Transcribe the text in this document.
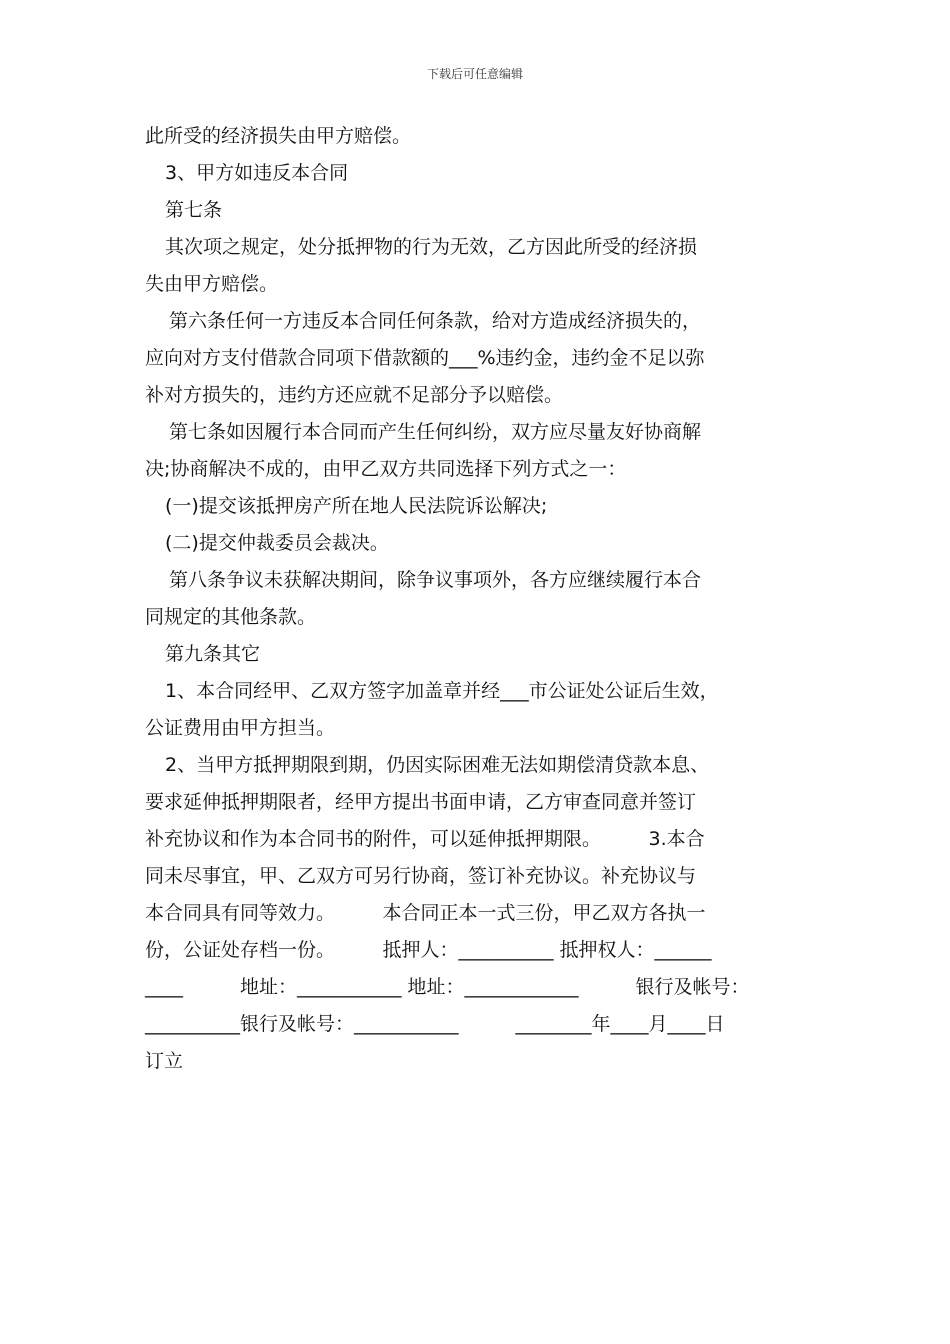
下载后可任意编辑
此所受的经济损失由甲方赔偿。
3、甲方如违反本合同
第七条
其次项之规定，处分抵押物的行为无效，乙方因此所受的经济损
失由甲方赔偿。
第六条任何一方违反本合同任何条款，给对方造成经济损失的，
应向对方支付借款合同项下借款额的___%违约金，违约金不足以弥
补对方损失的，违约方还应就不足部分予以赔偿。
第七条如因履行本合同而产生任何纠纷，双方应尽量友好协商解
决;协商解决不成的，由甲乙双方共同选择下列方式之一：
(一)提交该抵押房产所在地人民法院诉讼解决;
(二)提交仲裁委员会裁决。
第八条争议未获解决期间，除争议事项外，各方应继续履行本合
同规定的其他条款。
第九条其它
1、本合同经甲、乙双方签字加盖章并经___市公证处公证后生效，
公证费用由甲方担当。
2、当甲方抵押期限到期，仍因实际困难无法如期偿清贷款本息、
要求延伸抵押期限者，经甲方提出书面申请，乙方审查同意并签订
补充协议和作为本合同书的附件，可以延伸抵押期限。　　　3.本合
同未尽事宜，甲、乙双方可另行协商，签订补充协议。补充协议与
本合同具有同等效力。　　　本合同正本一式三份，甲乙双方各执一
份，公证处存档一份。　　　抵押人：__________ 抵押权人：______
____　　　地址：___________ 地址：____________　　　银行及帐号：
__________银行及帐号：___________　　　________年____月____日
订立
